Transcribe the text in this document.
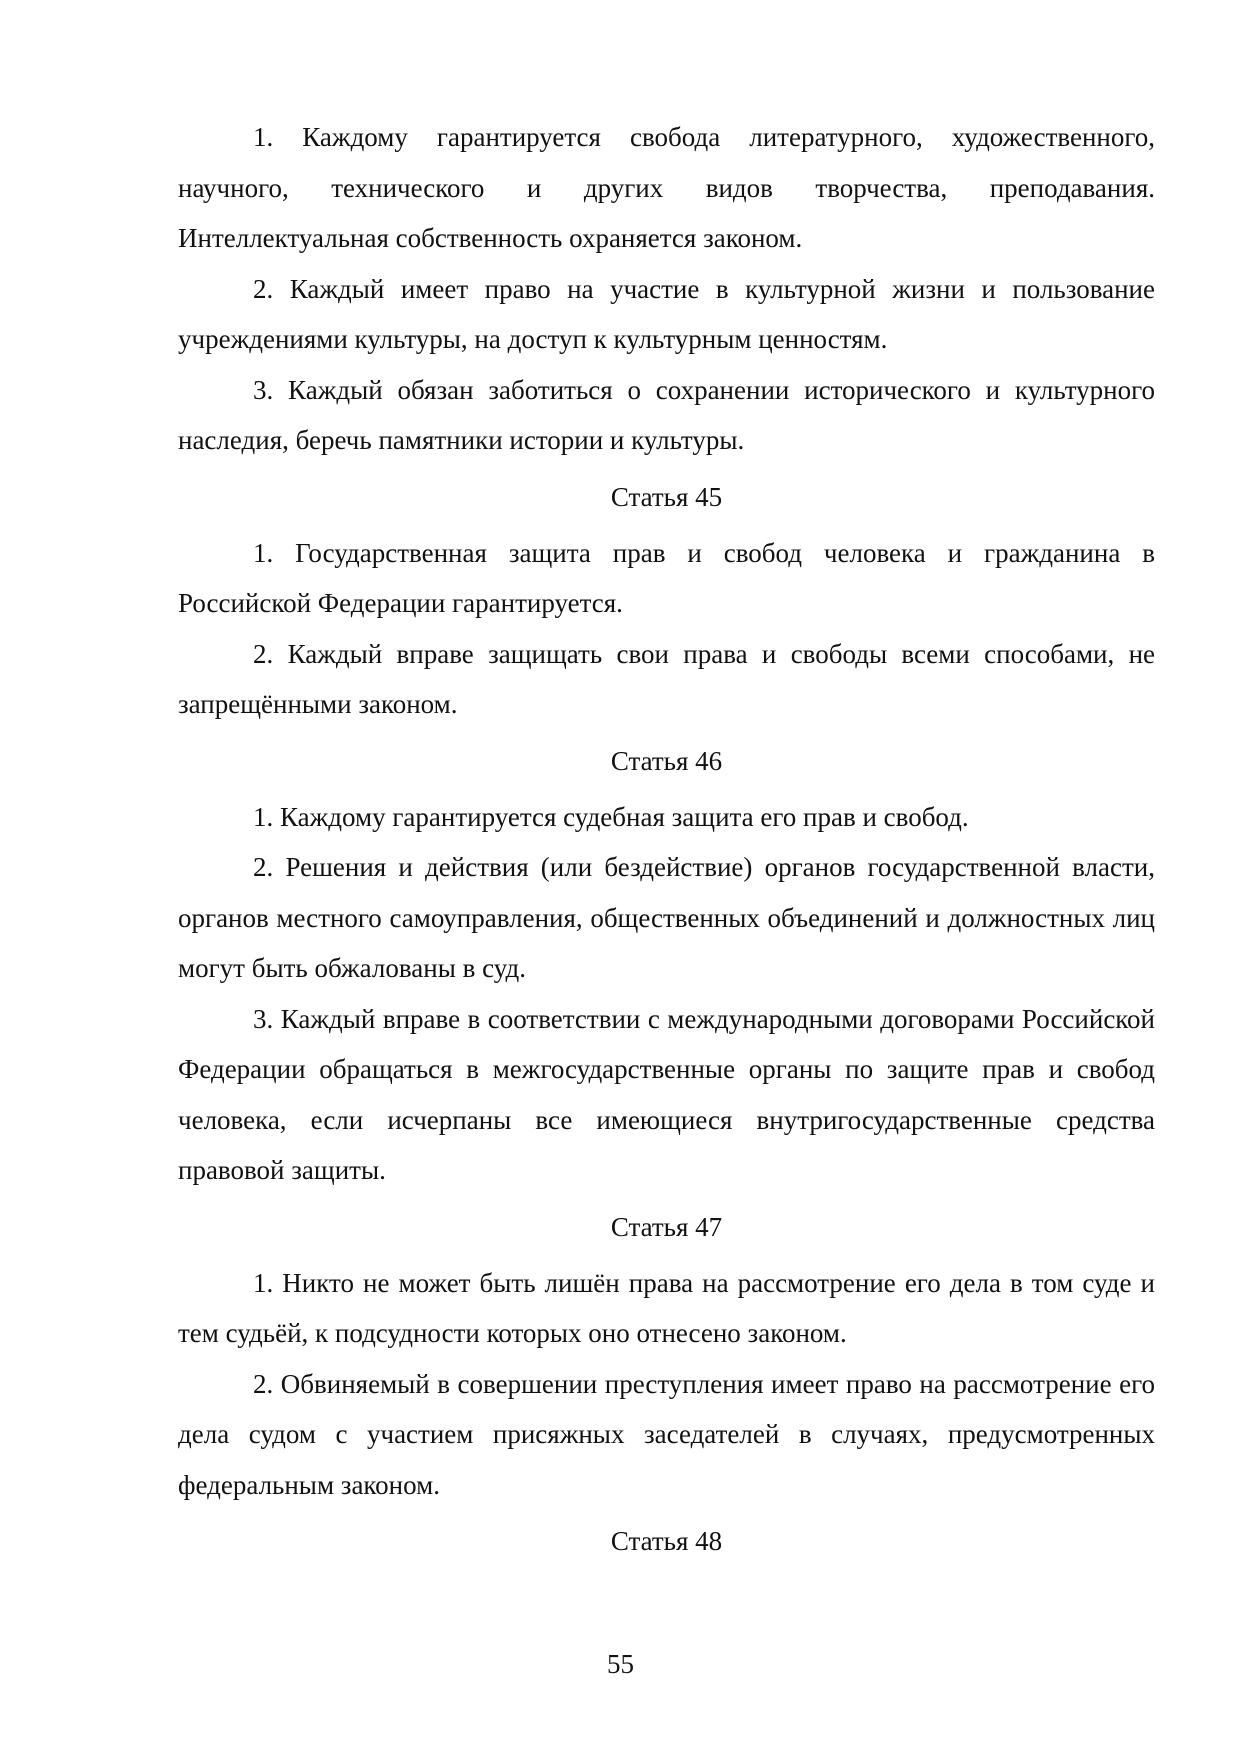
1. Каждому гарантируется свобода литературного, художественного, научного, технического и других видов творчества, преподавания. Интеллектуальная собственность охраняется законом.

2. Каждый имеет право на участие в культурной жизни и пользование учреждениями культуры, на доступ к культурным ценностям.

3. Каждый обязан заботиться о сохранении исторического и культурного наследия, беречь памятники истории и культуры.

Статья 45

1. Государственная защита прав и свобод человека и гражданина в Российской Федерации гарантируется.

2. Каждый вправе защищать свои права и свободы всеми способами, не запрещёнными законом.

Статья 46

1. Каждому гарантируется судебная защита его прав и свобод.

2. Решения и действия (или бездействие) органов государственной власти, органов местного самоуправления, общественных объединений и должностных лиц могут быть обжалованы в суд.

3. Каждый вправе в соответствии с международными договорами Российской Федерации обращаться в межгосударственные органы по защите прав и свобод человека, если исчерпаны все имеющиеся внутригосударственные средства правовой защиты.

Статья 47

1. Никто не может быть лишён права на рассмотрение его дела в том суде и тем судьёй, к подсудности которых оно отнесено законом.

2. Обвиняемый в совершении преступления имеет право на рассмотрение его дела судом с участием присяжных заседателей в случаях, предусмотренных федеральным законом.

Статья 48
55
